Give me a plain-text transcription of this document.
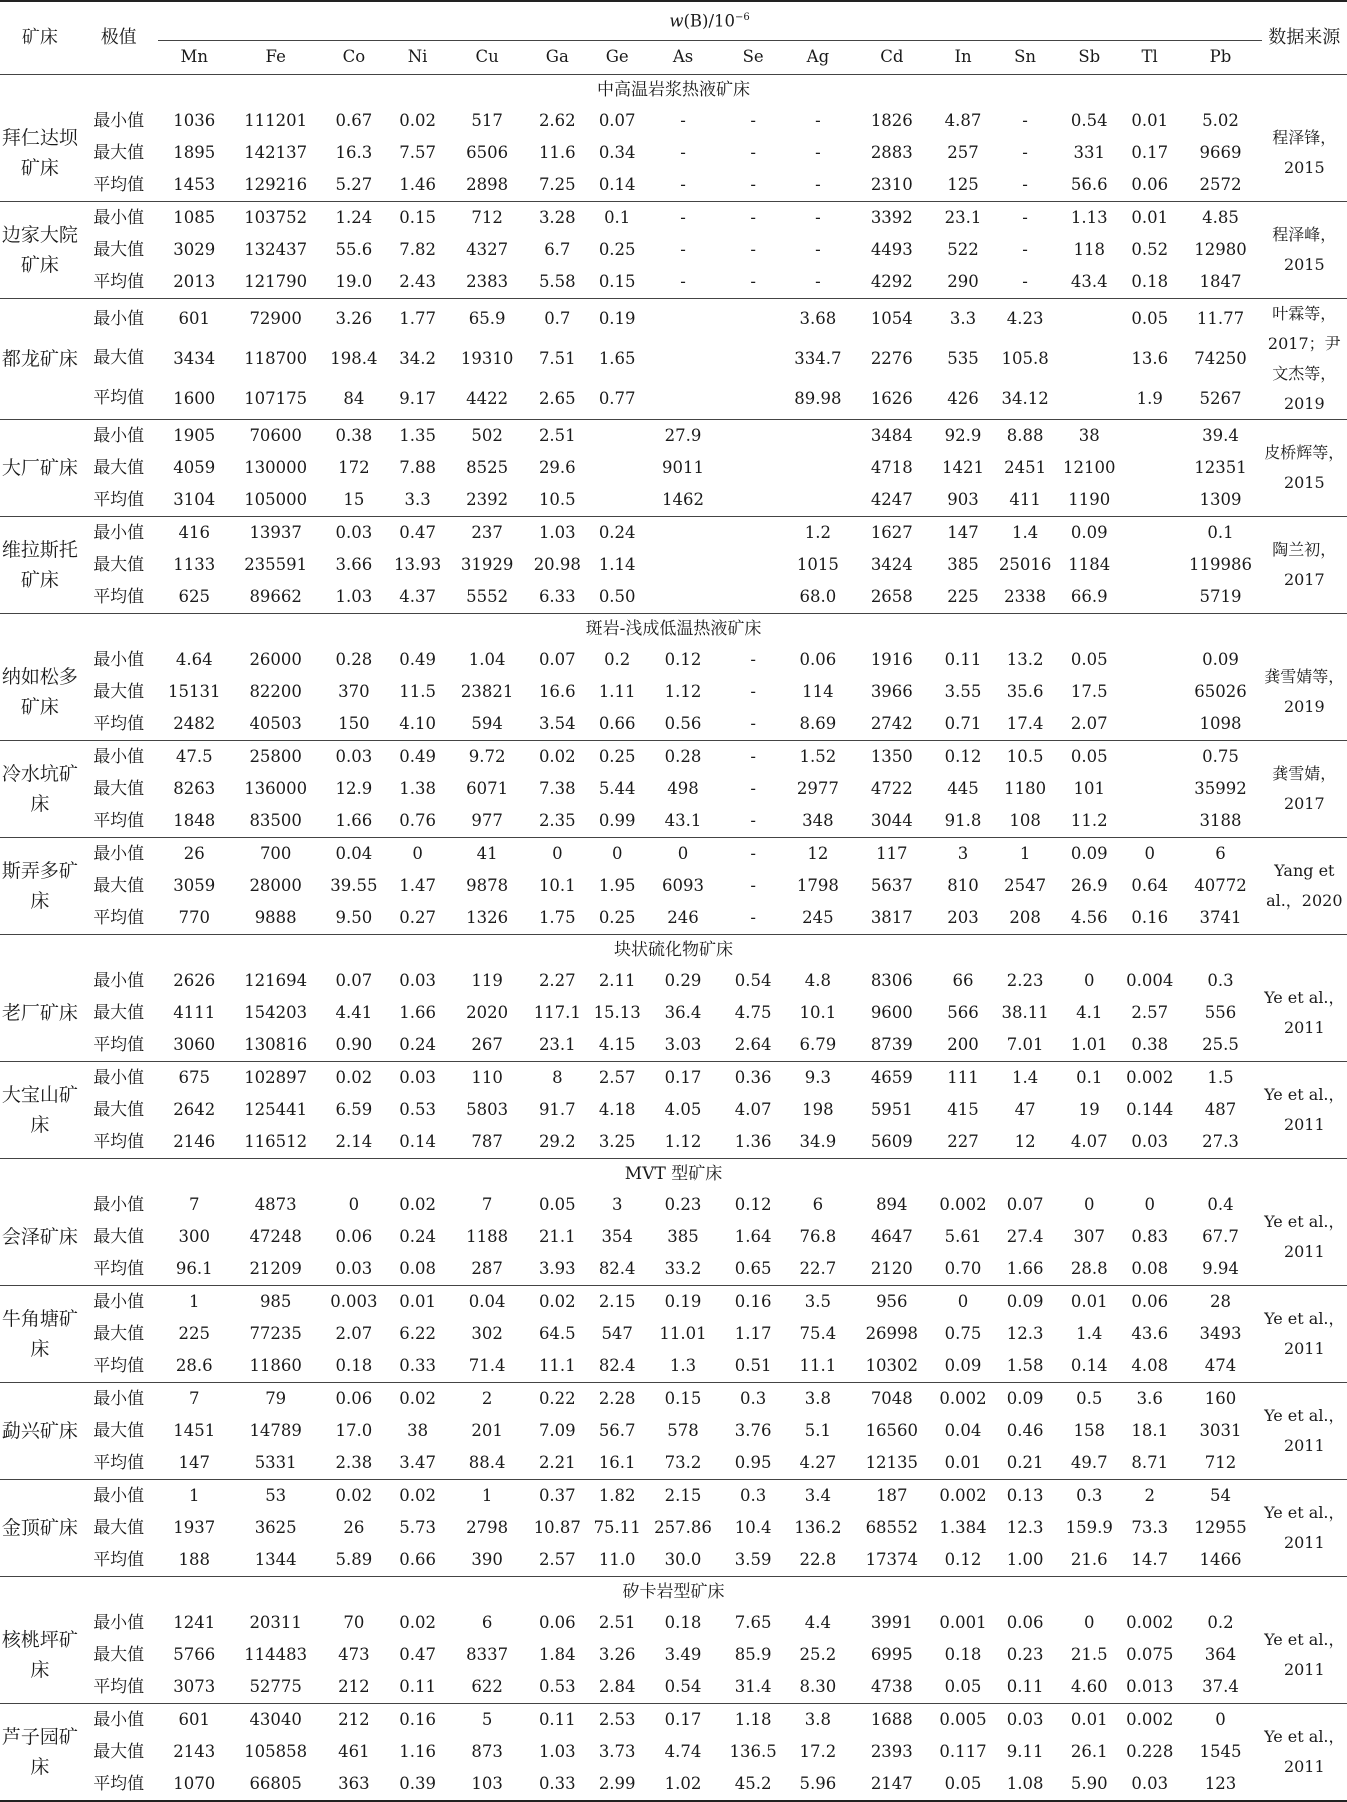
矿床	极值	$w(B)/10^{-6}$																数据来源
		Mn	Fe	Co	Ni	Cu	Ga	Ge	As	Se	Ag	Cd	In	Sn	Sb	Tl	Pb	
中高温岩浆热液矿床																		
拜仁达坝矿床	最小值	1036	111201	0.67	0.02	517	2.62	0.07	-	-	-	1826	4.87	-	0.54	0.01	5.02	程泽锋，2015
	最大值	1895	142137	16.3	7.57	6506	11.6	0.34	-	-	-	2883	257	-	331	0.17	9669	
	平均值	1453	129216	5.27	1.46	2898	7.25	0.14	-	-	-	2310	125	-	56.6	0.06	2572	
边家大院矿床	最小值	1085	103752	1.24	0.15	712	3.28	0.1	-	-	-	3392	23.1	-	1.13	0.01	4.85	程泽峰，2015
	最大值	3029	132437	55.6	7.82	4327	6.7	0.25	-	-	-	4493	522	-	118	0.52	12980	
	平均值	2013	121790	19.0	2.43	2383	5.58	0.15	-	-	-	4292	290	-	43.4	0.18	1847	
都龙矿床	最小值	601	72900	3.26	1.77	65.9	0.7	0.19			3.68	1054	3.3	4.23		0.05	11.77	叶霖等，2017；尹文杰等，2019
	最大值	3434	118700	198.4	34.2	19310	7.51	1.65			334.7	2276	535	105.8		13.6	74250	
	平均值	1600	107175	84	9.17	4422	2.65	0.77			89.98	1626	426	34.12		1.9	5267	
大厂矿床	最小值	1905	70600	0.38	1.35	502	2.51		27.9			3484	92.9	8.88	38		39.4	皮桥辉等，2015
	最大值	4059	130000	172	7.88	8525	29.6		9011			4718	1421	2451	12100		12351	
	平均值	3104	105000	15	3.3	2392	10.5		1462			4247	903	411	1190		1309	
维拉斯托矿床	最小值	416	13937	0.03	0.47	237	1.03	0.24			1.2	1627	147	1.4	0.09		0.1	陶兰初，2017
	最大值	1133	235591	3.66	13.93	31929	20.98	1.14			1015	3424	385	25016	1184		119986	
	平均值	625	89662	1.03	4.37	5552	6.33	0.50			68.0	2658	225	2338	66.9		5719	
斑岩-浅成低温热液矿床																		
纳如松多矿床	最小值	4.64	26000	0.28	0.49	1.04	0.07	0.2	0.12	-	0.06	1916	0.11	13.2	0.05		0.09	龚雪婧等，2019
	最大值	15131	82200	370	11.5	23821	16.6	1.11	1.12	-	114	3966	3.55	35.6	17.5		65026	
	平均值	2482	40503	150	4.10	594	3.54	0.66	0.56	-	8.69	2742	0.71	17.4	2.07		1098	
冷水坑矿床	最小值	47.5	25800	0.03	0.49	9.72	0.02	0.25	0.28	-	1.52	1350	0.12	10.5	0.05		0.75	龚雪婧，2017
	最大值	8263	136000	12.9	1.38	6071	7.38	5.44	498	-	2977	4722	445	1180	101		35992	
	平均值	1848	83500	1.66	0.76	977	2.35	0.99	43.1	-	348	3044	91.8	108	11.2		3188	
斯弄多矿床	最小值	26	700	0.04	0	41	0	0	0	-	12	117	3	1	0.09	0	6	Yang et al.，2020
	最大值	3059	28000	39.55	1.47	9878	10.1	1.95	6093	-	1798	5637	810	2547	26.9	0.64	40772	
	平均值	770	9888	9.50	0.27	1326	1.75	0.25	246	-	245	3817	203	208	4.56	0.16	3741	
块状硫化物矿床																		
老厂矿床	最小值	2626	121694	0.07	0.03	119	2.27	2.11	0.29	0.54	4.8	8306	66	2.23	0	0.004	0.3	Ye et al.，2011
	最大值	4111	154203	4.41	1.66	2020	117.1	15.13	36.4	4.75	10.1	9600	566	38.11	4.1	2.57	556	
	平均值	3060	130816	0.90	0.24	267	23.1	4.15	3.03	2.64	6.79	8739	200	7.01	1.01	0.38	25.5	
大宝山矿床	最小值	675	102897	0.02	0.03	110	8	2.57	0.17	0.36	9.3	4659	111	1.4	0.1	0.002	1.5	Ye et al.，2011
	最大值	2642	125441	6.59	0.53	5803	91.7	4.18	4.05	4.07	198	5951	415	47	19	0.144	487	
	平均值	2146	116512	2.14	0.14	787	29.2	3.25	1.12	1.36	34.9	5609	227	12	4.07	0.03	27.3	
MVT 型矿床																		
会泽矿床	最小值	7	4873	0	0.02	7	0.05	3	0.23	0.12	6	894	0.002	0.07	0	0	0.4	Ye et al.，2011
	最大值	300	47248	0.06	0.24	1188	21.1	354	385	1.64	76.8	4647	5.61	27.4	307	0.83	67.7	
	平均值	96.1	21209	0.03	0.08	287	3.93	82.4	33.2	0.65	22.7	2120	0.70	1.66	28.8	0.08	9.94	
牛角塘矿床	最小值	1	985	0.003	0.01	0.04	0.02	2.15	0.19	0.16	3.5	956	0	0.09	0.01	0.06	28	Ye et al.，2011
	最大值	225	77235	2.07	6.22	302	64.5	547	11.01	1.17	75.4	26998	0.75	12.3	1.4	43.6	3493	
	平均值	28.6	11860	0.18	0.33	71.4	11.1	82.4	1.3	0.51	11.1	10302	0.09	1.58	0.14	4.08	474	
勐兴矿床	最小值	7	79	0.06	0.02	2	0.22	2.28	0.15	0.3	3.8	7048	0.002	0.09	0.5	3.6	160	Ye et al.，2011
	最大值	1451	14789	17.0	38	201	7.09	56.7	578	3.76	5.1	16560	0.04	0.46	158	18.1	3031	
	平均值	147	5331	2.38	3.47	88.4	2.21	16.1	73.2	0.95	4.27	12135	0.01	0.21	49.7	8.71	712	
金顶矿床	最小值	1	53	0.02	0.02	1	0.37	1.82	2.15	0.3	3.4	187	0.002	0.13	0.3	2	54	Ye et al.，2011
	最大值	1937	3625	26	5.73	2798	10.87	75.11	257.86	10.4	136.2	68552	1.384	12.3	159.9	73.3	12955	
	平均值	188	1344	5.89	0.66	390	2.57	11.0	30.0	3.59	22.8	17374	0.12	1.00	21.6	14.7	1466	
矽卡岩型矿床																		
核桃坪矿床	最小值	1241	20311	70	0.02	6	0.06	2.51	0.18	7.65	4.4	3991	0.001	0.06	0	0.002	0.2	Ye et al.，2011
	最大值	5766	114483	473	0.47	8337	1.84	3.26	3.49	85.9	25.2	6995	0.18	0.23	21.5	0.075	364	
	平均值	3073	52775	212	0.11	622	0.53	2.84	0.54	31.4	8.30	4738	0.05	0.11	4.60	0.013	37.4	
芦子园矿床	最小值	601	43040	212	0.16	5	0.11	2.53	0.17	1.18	3.8	1688	0.005	0.03	0.01	0.002	0	Ye et al.，2011
	最大值	2143	105858	461	1.16	873	1.03	3.73	4.74	136.5	17.2	2393	0.117	9.11	26.1	0.228	1545	
	平均值	1070	66805	363	0.39	103	0.33	2.99	1.02	45.2	5.96	2147	0.05	1.08	5.90	0.03	123	
